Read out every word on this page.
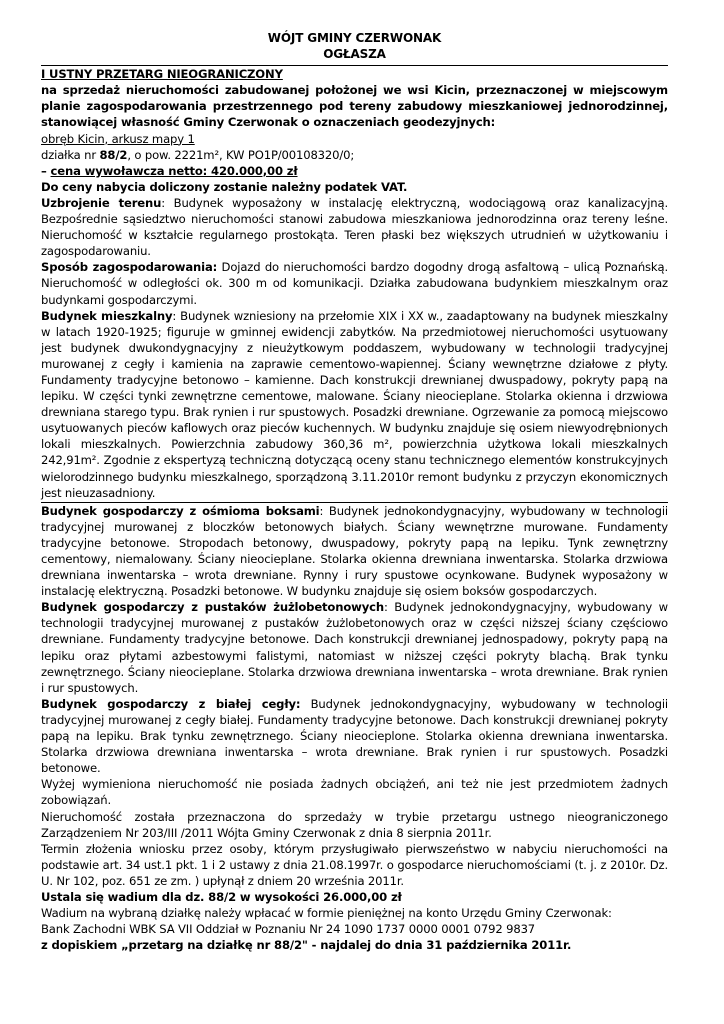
WÓJT GMINY CZERWONAK
OGŁASZA
I USTNY PRZETARG NIEOGRANICZONY

na sprzedaż nieruchomości zabudowanej położonej we wsi Kicin, przeznaczonej w miejscowym planie zagospodarowania przestrzennego pod tereny zabudowy mieszkaniowej jednorodzinnej, stanowiącej własność Gminy Czerwonak o oznaczeniach geodezyjnych:

obręb Kicin, arkusz mapy 1

działka nr 88/2, o pow. 2221m², KW PO1P/00108320/0;

– cena wywoławcza netto: 420.000,00 zł

Do ceny nabycia doliczony zostanie należny podatek VAT.

Uzbrojenie terenu: Budynek wyposażony w instalację elektryczną, wodociągową oraz kanalizacyjną. Bezpośrednie sąsiedztwo nieruchomości stanowi zabudowa mieszkaniowa jednorodzinna oraz tereny leśne. Nieruchomość w kształcie regularnego prostokąta. Teren płaski bez większych utrudnień w użytkowaniu i zagospodarowaniu.

Sposób zagospodarowania: Dojazd do nieruchomości bardzo dogodny drogą asfaltową – ulicą Poznańską. Nieruchomość w odległości ok. 300 m od komunikacji. Działka zabudowana budynkiem mieszkalnym oraz budynkami gospodarczymi.

Budynek mieszkalny: Budynek wzniesiony na przełomie XIX i XX w., zaadaptowany na budynek mieszkalny w latach 1920-1925; figuruje w gminnej ewidencji zabytków. Na przedmiotowej nieruchomości usytuowany jest budynek dwukondygnacyjny z nieużytkowym poddaszem, wybudowany w technologii tradycyjnej murowanej z cegły i kamienia na zaprawie cementowo-wapiennej. Ściany wewnętrzne działowe z płyty. Fundamenty tradycyjne betonowo – kamienne. Dach konstrukcji drewnianej dwuspadowy, pokryty papą na lepiku. W części tynki zewnętrzne cementowe, malowane. Ściany nieocieplane. Stolarka okienna i drzwiowa drewniana starego typu. Brak rynien i rur spustowych. Posadzki drewniane. Ogrzewanie za pomocą miejscowo usytuowanych pieców kaflowych oraz pieców kuchennych. W budynku znajduje się osiem niewyodrębnionych lokali mieszkalnych. Powierzchnia zabudowy 360,36 m², powierzchnia użytkowa lokali mieszkalnych 242,91m². Zgodnie z ekspertyzą techniczną dotyczącą oceny stanu technicznego elementów konstrukcyjnych wielorodzinnego budynku mieszkalnego, sporządzoną 3.11.2010r remont budynku z przyczyn ekonomicznych jest nieuzasadniony.

Budynek gospodarczy z ośmioma boksami: Budynek jednokondygnacyjny, wybudowany w technologii tradycyjnej murowanej z bloczków betonowych białych. Ściany wewnętrzne murowane. Fundamenty tradycyjne betonowe. Stropodach betonowy, dwuspadowy, pokryty papą na lepiku. Tynk zewnętrzny cementowy, niemalowany. Ściany nieocieplane. Stolarka okienna drewniana inwentarska. Stolarka drzwiowa drewniana inwentarska – wrota drewniane. Rynny i rury spustowe ocynkowane. Budynek wyposażony w instalację elektryczną. Posadzki betonowe. W budynku znajduje się osiem boksów gospodarczych.

Budynek gospodarczy z pustaków żużlobetonowych: Budynek jednokondygnacyjny, wybudowany w technologii tradycyjnej murowanej z pustaków żużlobetonowych oraz w części niższej ściany częściowo drewniane. Fundamenty tradycyjne betonowe. Dach konstrukcji drewnianej jednospadowy, pokryty papą na lepiku oraz płytami azbestowymi falistymi, natomiast w niższej części pokryty blachą. Brak tynku zewnętrznego. Ściany nieocieplane. Stolarka drzwiowa drewniana inwentarska – wrota drewniane. Brak rynien i rur spustowych.

Budynek gospodarczy z białej cegły: Budynek jednokondygnacyjny, wybudowany w technologii tradycyjnej murowanej z cegły białej. Fundamenty tradycyjne betonowe. Dach konstrukcji drewnianej pokryty papą na lepiku. Brak tynku zewnętrznego. Ściany nieocieplone. Stolarka okienna drewniana inwentarska. Stolarka drzwiowa drewniana inwentarska – wrota drewniane. Brak rynien i rur spustowych. Posadzki betonowe.

Wyżej wymieniona nieruchomość nie posiada żadnych obciążeń, ani też nie jest przedmiotem żadnych zobowiązań.

Nieruchomość została przeznaczona do sprzedaży w trybie przetargu ustnego nieograniczonego Zarządzeniem Nr 203/III /2011 Wójta Gminy Czerwonak z dnia 8 sierpnia 2011r.

Termin złożenia wniosku przez osoby, którym przysługiwało pierwszeństwo w nabyciu nieruchomości na podstawie art. 34 ust.1 pkt. 1 i 2 ustawy z dnia 21.08.1997r. o gospodarce nieruchomościami (t. j. z 2010r. Dz. U. Nr 102, poz. 651 ze zm. ) upłynął z dniem 20 września 2011r.

Ustala się wadium dla dz. 88/2 w wysokości 26.000,00 zł

Wadium na wybraną działkę należy wpłacać w formie pieniężnej na konto Urzędu Gminy Czerwonak:

Bank Zachodni WBK SA VII Oddział w Poznaniu Nr 24 1090 1737 0000 0001 0792 9837

z dopiskiem „przetarg na działkę nr 88/2" - najdalej do dnia 31 października 2011r.
